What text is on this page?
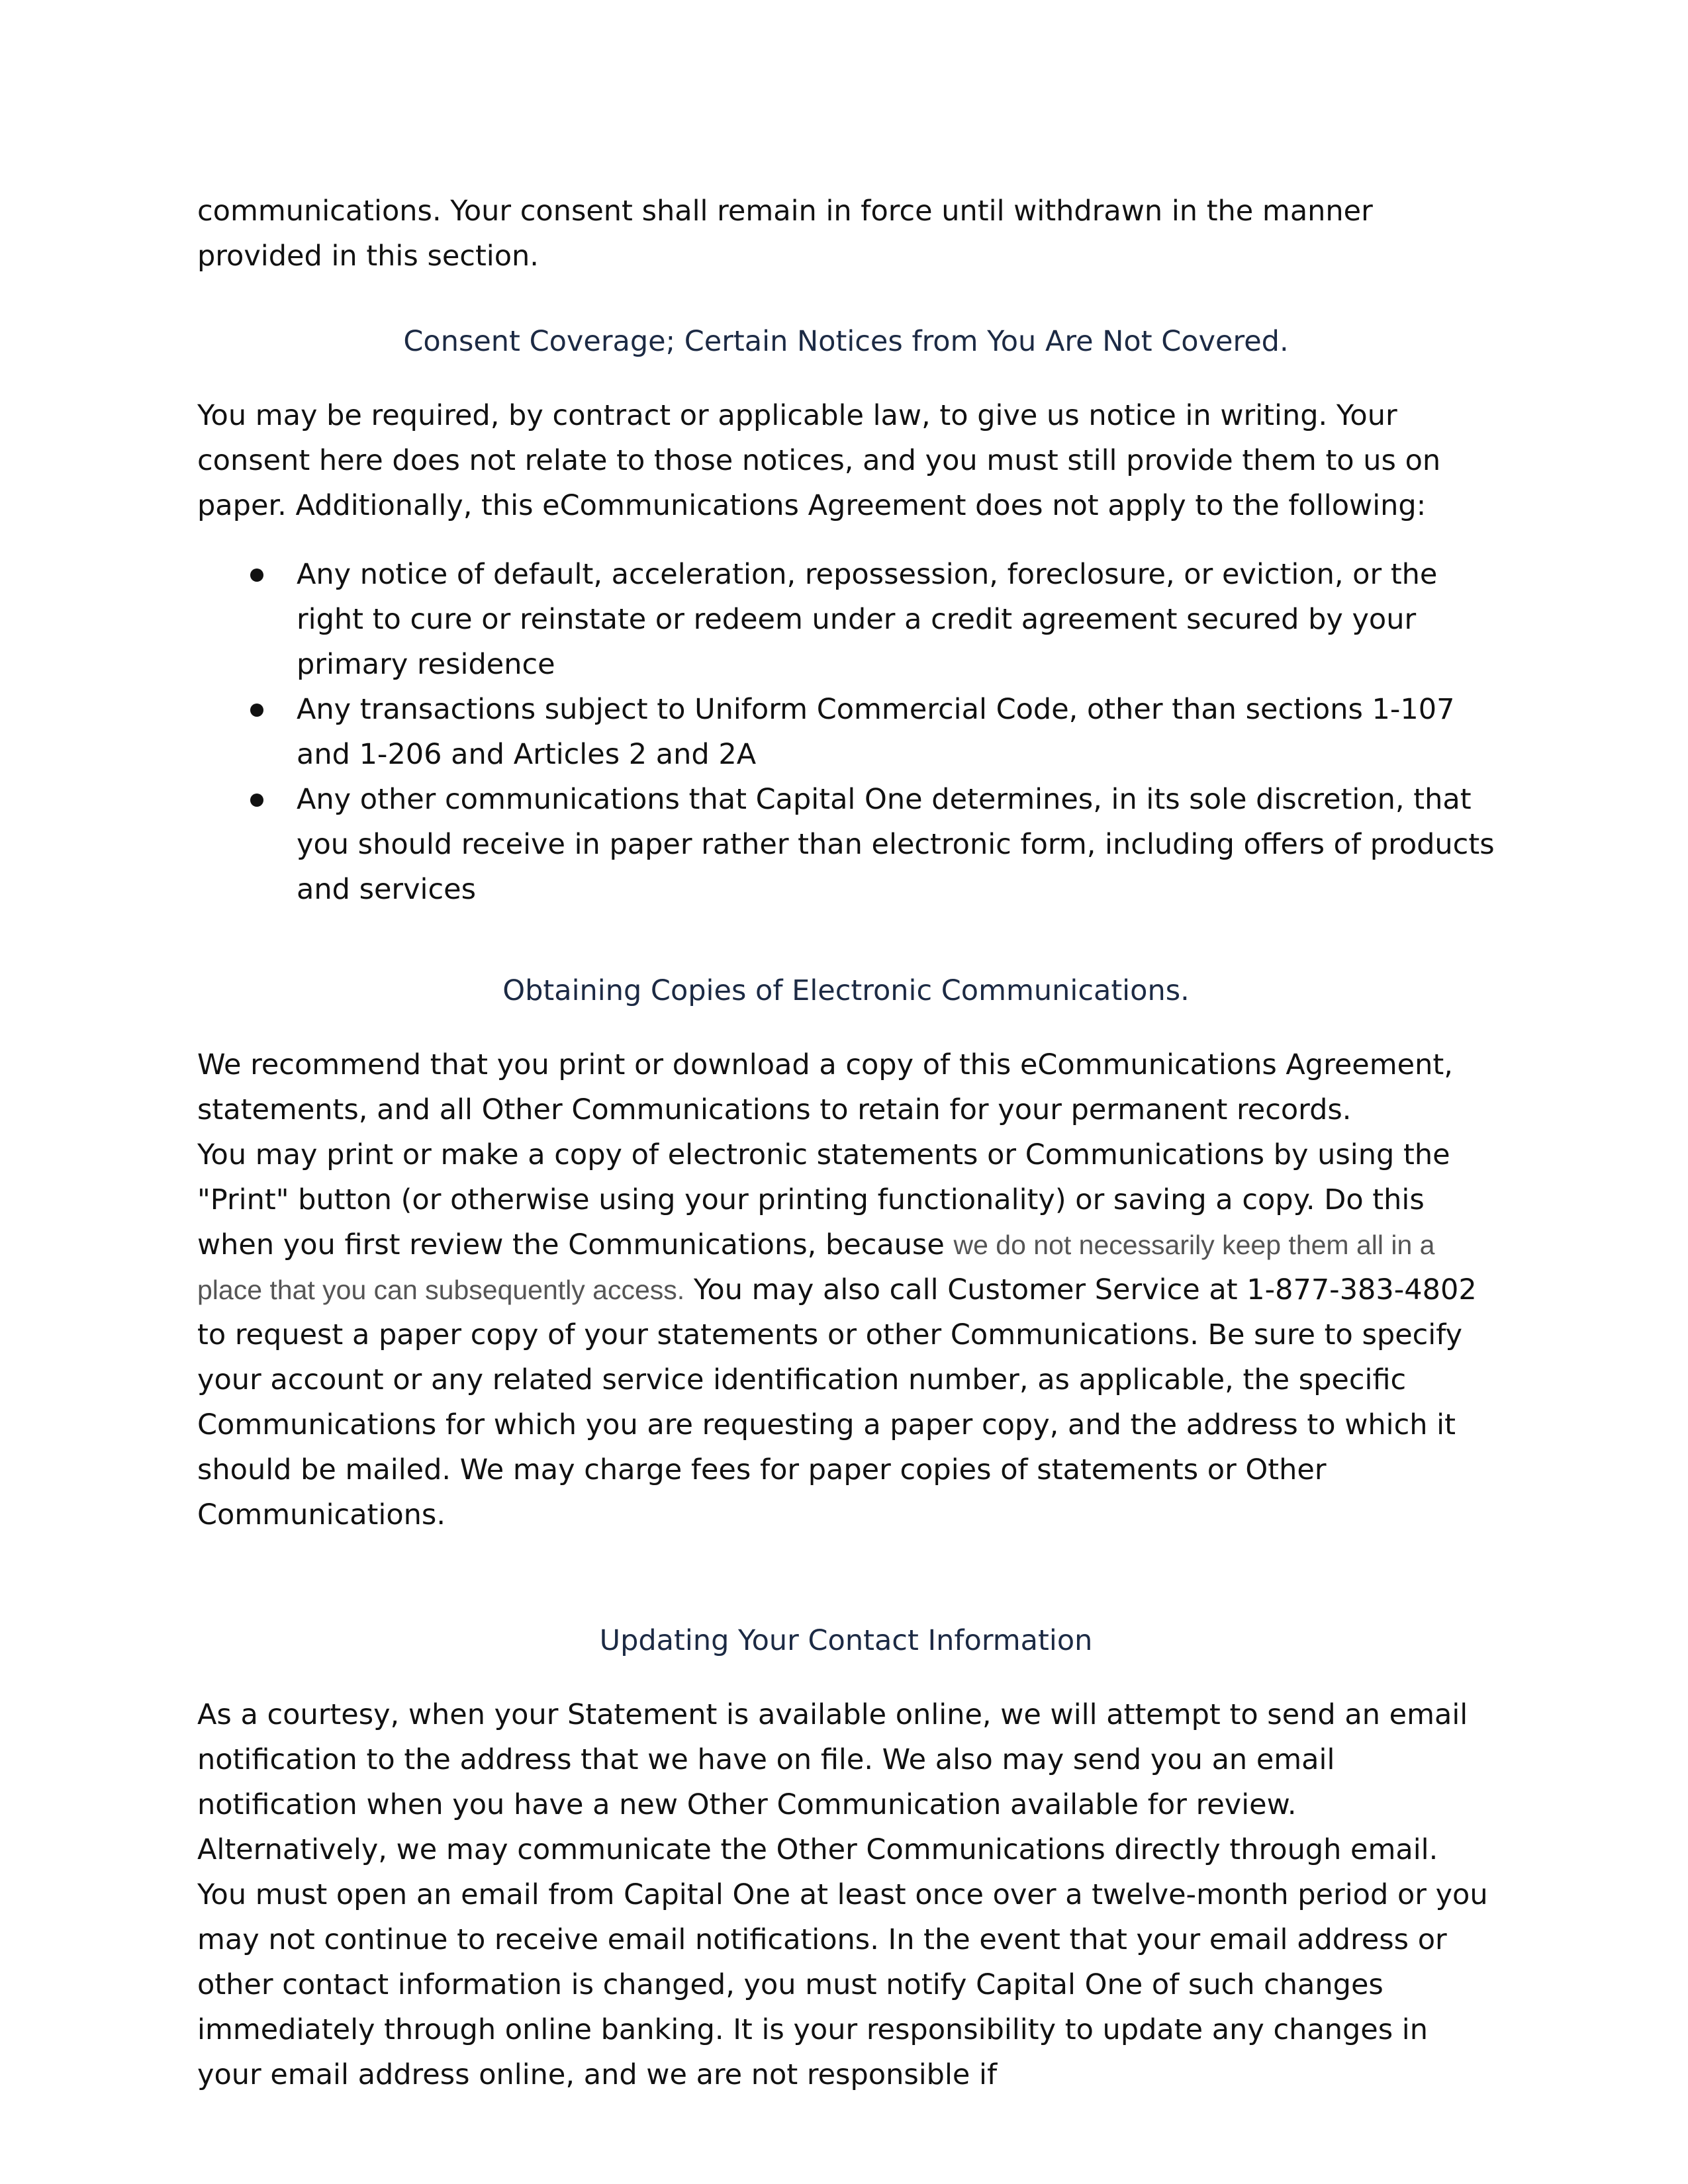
communications. Your consent shall remain in force until withdrawn in the manner provided in this section.

Consent Coverage; Certain Notices from You Are Not Covered.

You may be required, by contract or applicable law, to give us notice in writing. Your consent here does not relate to those notices, and you must still provide them to us on paper. Additionally, this eCommunications Agreement does not apply to the following:

Any notice of default, acceleration, repossession, foreclosure, or eviction, or the right to cure or reinstate or redeem under a credit agreement secured by your primary residence
Any transactions subject to Uniform Commercial Code, other than sections 1-107 and 1-206 and Articles 2 and 2A
Any other communications that Capital One determines, in its sole discretion, that you should receive in paper rather than electronic form, including offers of products and services
Obtaining Copies of Electronic Communications.

We recommend that you print or download a copy of this eCommunications Agreement, statements, and all Other Communications to retain for your permanent records.

You may print or make a copy of electronic statements or Communications by using the "Print" button (or otherwise using your printing functionality) or saving a copy. Do this when you first review the Communications, because we do not necessarily keep them all in a place that you can subsequently access. You may also call Customer Service at 1-877-383-4802 to request a paper copy of your statements or other Communications. Be sure to specify your account or any related service identification number, as applicable, the specific Communications for which you are requesting a paper copy, and the address to which it should be mailed. We may charge fees for paper copies of statements or Other Communications.

Updating Your Contact Information

As a courtesy, when your Statement is available online, we will attempt to send an email notification to the address that we have on file. We also may send you an email notification when you have a new Other Communication available for review. Alternatively, we may communicate the Other Communications directly through email. You must open an email from Capital One at least once over a twelve-month period or you may not continue to receive email notifications. In the event that your email address or other contact information is changed, you must notify Capital One of such changes immediately through online banking. It is your responsibility to update any changes in your email address online, and we are not responsible if
